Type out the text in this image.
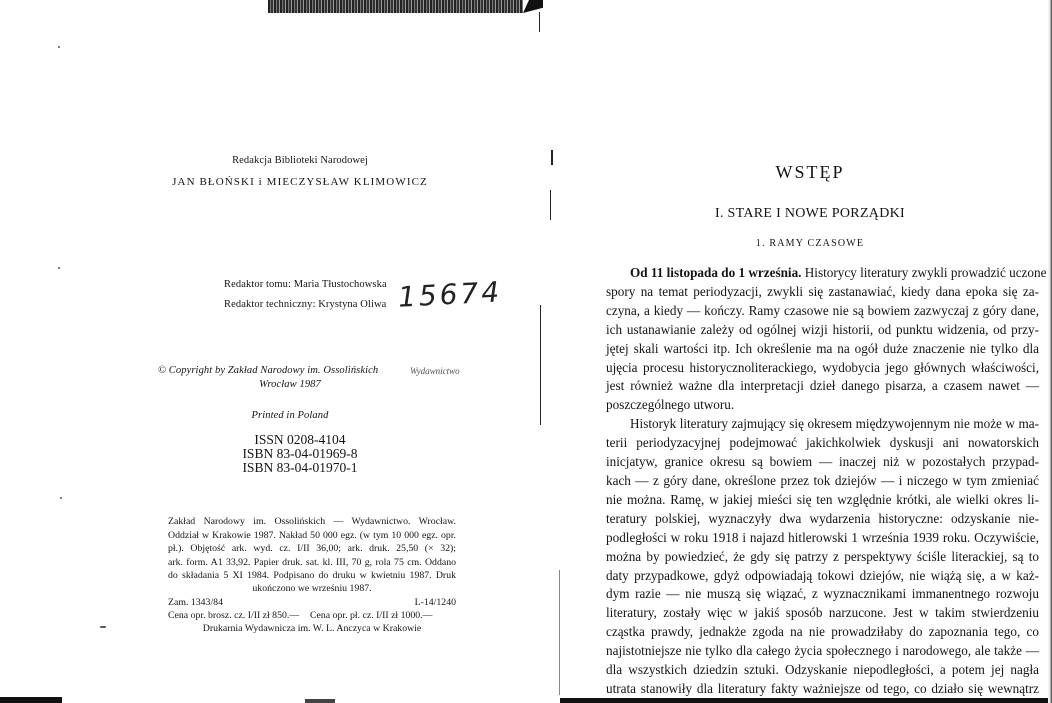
Redakcja Biblioteki Narodowej
JAN BŁOŃSKI i MIECZYSŁAW KLIMOWICZ
Redaktor tomu: Maria Tłustochowska
Redaktor techniczny: Krystyna Oliwa 15674
© Copyright by Zakład Narodowy im. Ossolińskich	Wydawnictwo
Wrocław 1987
Printed in Poland
ISSN 0208-4104
ISBN 83-04-01969-8
ISBN 83-04-01970-1
Zakład Narodowy im. Ossolińskich — Wydawnictwo. Wrocław.
Oddział w Krakowie 1987. Nakład 50 000 egz. (w tym 10 000 egz. opr.
pł.). Objętość ark. wyd. cz. I/II 36,00; ark. druk. 25,50 (× 32);
ark. form. A1 33,92. Papier druk. sat. kl. III, 70 g, rola 75 cm. Oddano
do składania 5 XI 1984. Podpisano do druku w kwietniu 1987. Druk
ukończono we wrześniu 1987.
Zam. 1343/84	L-14/1240
Cena opr. brosz. cz. I/II zł 850.— Cena opr. pł. cz. I/II zł 1000.—
Drukarnia Wydawnicza im. W. L. Anczyca w Krakowie
WSTĘP
I. STARE I NOWE PORZĄDKI
1. RAMY CZASOWE
Od 11 listopada do 1 września. Historycy literatury zwykli prowadzić uczone
spory na temat periodyzacji, zwykli się zastanawiać, kiedy dana epoka się za-
czyna, a kiedy — kończy. Ramy czasowe nie są bowiem zazwyczaj z góry dane,
ich ustanawianie zależy od ogólnej wizji historii, od punktu widzenia, od przy-
jętej skali wartości itp. Ich określenie ma na ogół duże znaczenie nie tylko dla
ujęcia procesu historycznoliterackiego, wydobycia jego głównych właściwości,
jest również ważne dla interpretacji dzieł danego pisarza, a czasem nawet —
poszczególnego utworu.
Historyk literatury zajmujący się okresem międzywojennym nie może w ma-
terii periodyzacyjnej podejmować jakichkolwiek dyskusji ani nowatorskich
inicjatyw, granice okresu są bowiem — inaczej niż w pozostałych przypad-
kach — z góry dane, określone przez tok dziejów — i niczego w tym zmieniać
nie można. Ramę, w jakiej mieści się ten względnie krótki, ale wielki okres li-
teratury polskiej, wyznaczyły dwa wydarzenia historyczne: odzyskanie nie-
podległości w roku 1918 i najazd hitlerowski 1 września 1939 roku. Oczywiście,
można by powiedzieć, że gdy się patrzy z perspektywy ściśle literackiej, są to
daty przypadkowe, gdyż odpowiadają tokowi dziejów, nie wiążą się, a w każ-
dym razie — nie muszą się wiązać, z wyznacznikami immanentnego rozwoju
literatury, zostały więc w jakiś sposób narzucone. Jest w takim stwierdzeniu
cząstka prawdy, jednakże zgoda na nie prowadziłaby do zapoznania tego, co
najistotniejsze nie tylko dla całego życia społecznego i narodowego, ale także —
dla wszystkich dziedzin sztuki. Odzyskanie niepodległości, a potem jej nagła
utrata stanowiły dla literatury fakty ważniejsze od tego, co działo się wewnątrz
